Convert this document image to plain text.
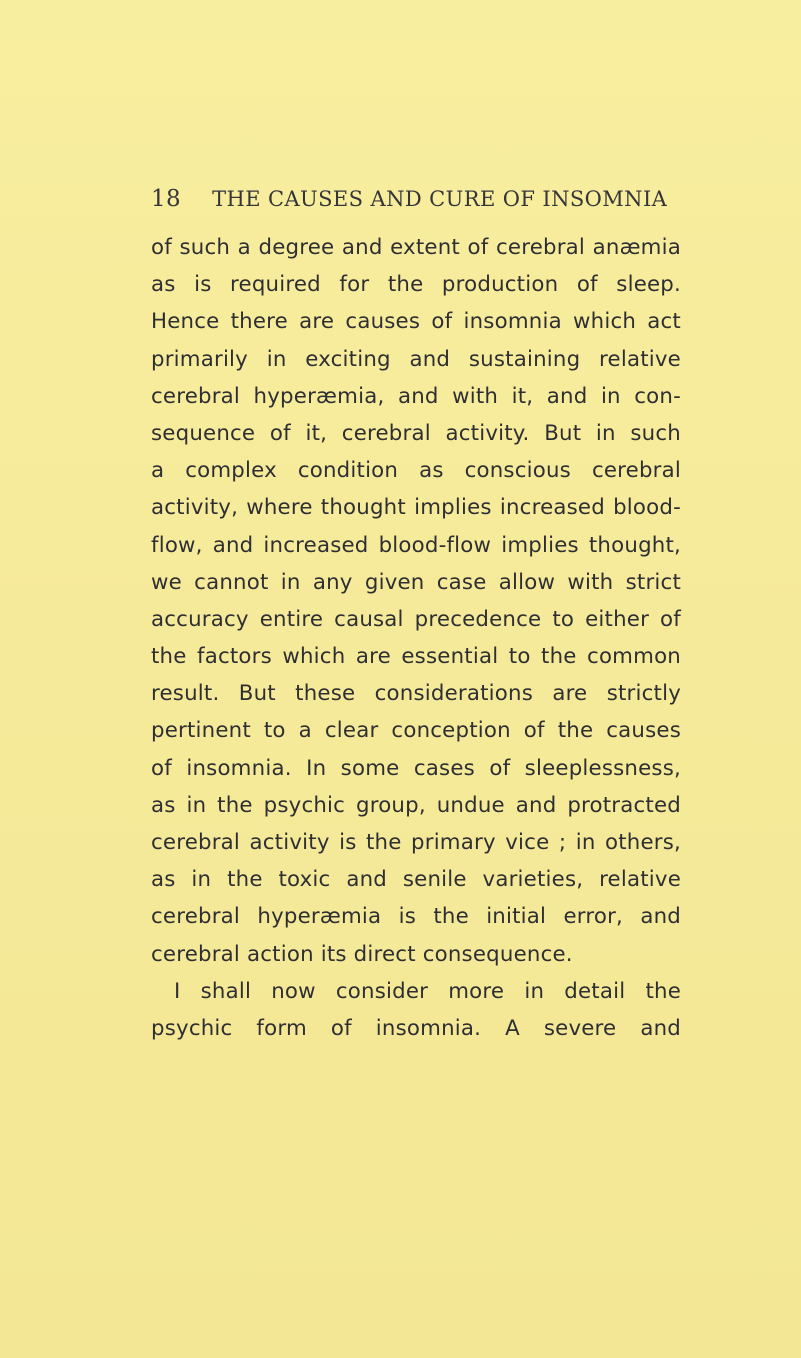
18 THE CAUSES AND CURE OF INSOMNIA
of such a degree and extent of cerebral anæmia
as is required for the production of sleep.
Hence there are causes of insomnia which act
primarily in exciting and sustaining relative
cerebral hyperæmia, and with it, and in con-
sequence of it, cerebral activity. But in such
a complex condition as conscious cerebral
activity, where thought implies increased blood-
flow, and increased blood-flow implies thought,
we cannot in any given case allow with strict
accuracy entire causal precedence to either of
the factors which are essential to the common
result. But these considerations are strictly
pertinent to a clear conception of the causes
of insomnia. In some cases of sleeplessness,
as in the psychic group, undue and protracted
cerebral activity is the primary vice ; in others,
as in the toxic and senile varieties, relative
cerebral hyperæmia is the initial error, and
cerebral action its direct consequence.
I shall now consider more in detail the
psychic form of insomnia. A severe and
